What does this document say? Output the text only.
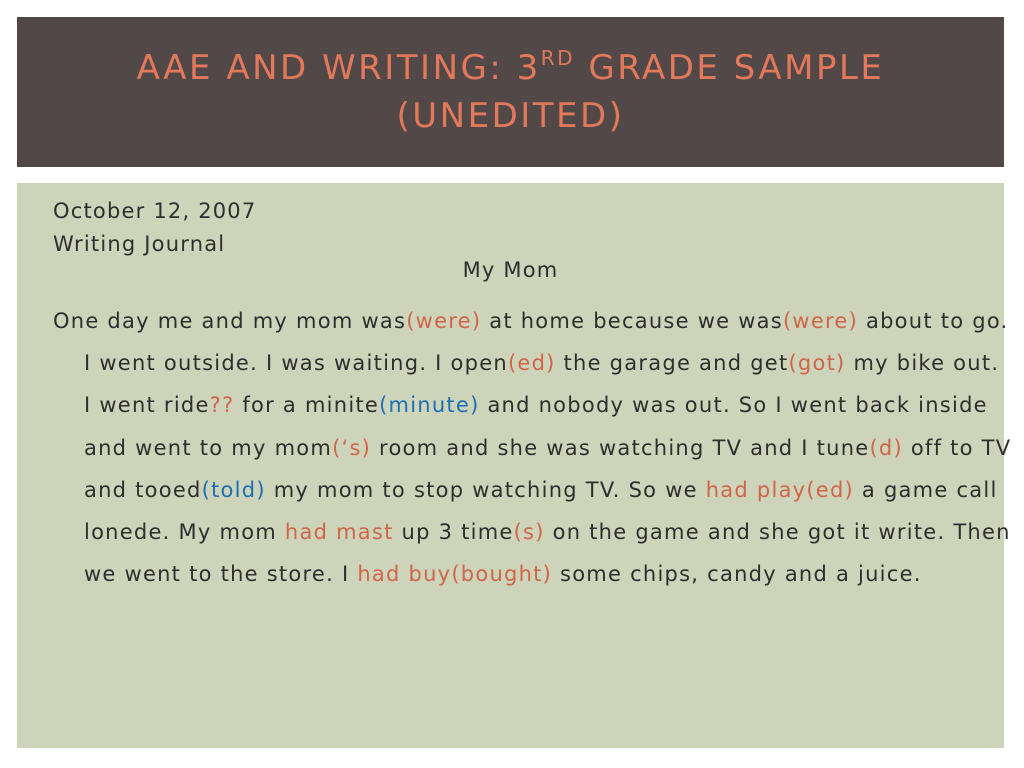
AAE AND WRITING: 3RD GRADE SAMPLE (UNEDITED)
October 12, 2007
Writing Journal
My Mom
One day me and my mom was(were) at home because we was(were) about to go. I went outside. I was waiting. I open(ed) the garage and get(got) my bike out. I went ride?? for a minite(minute) and nobody was out. So I went back inside and went to my mom(‘s) room and she was watching TV and I tune(d) off to TV and tooed(told) my mom to stop watching TV. So we had play(ed) a game call lonede. My mom had mast up 3 time(s) on the game and she got it write. Then we went to the store. I had buy(bought) some chips, candy and a juice.
